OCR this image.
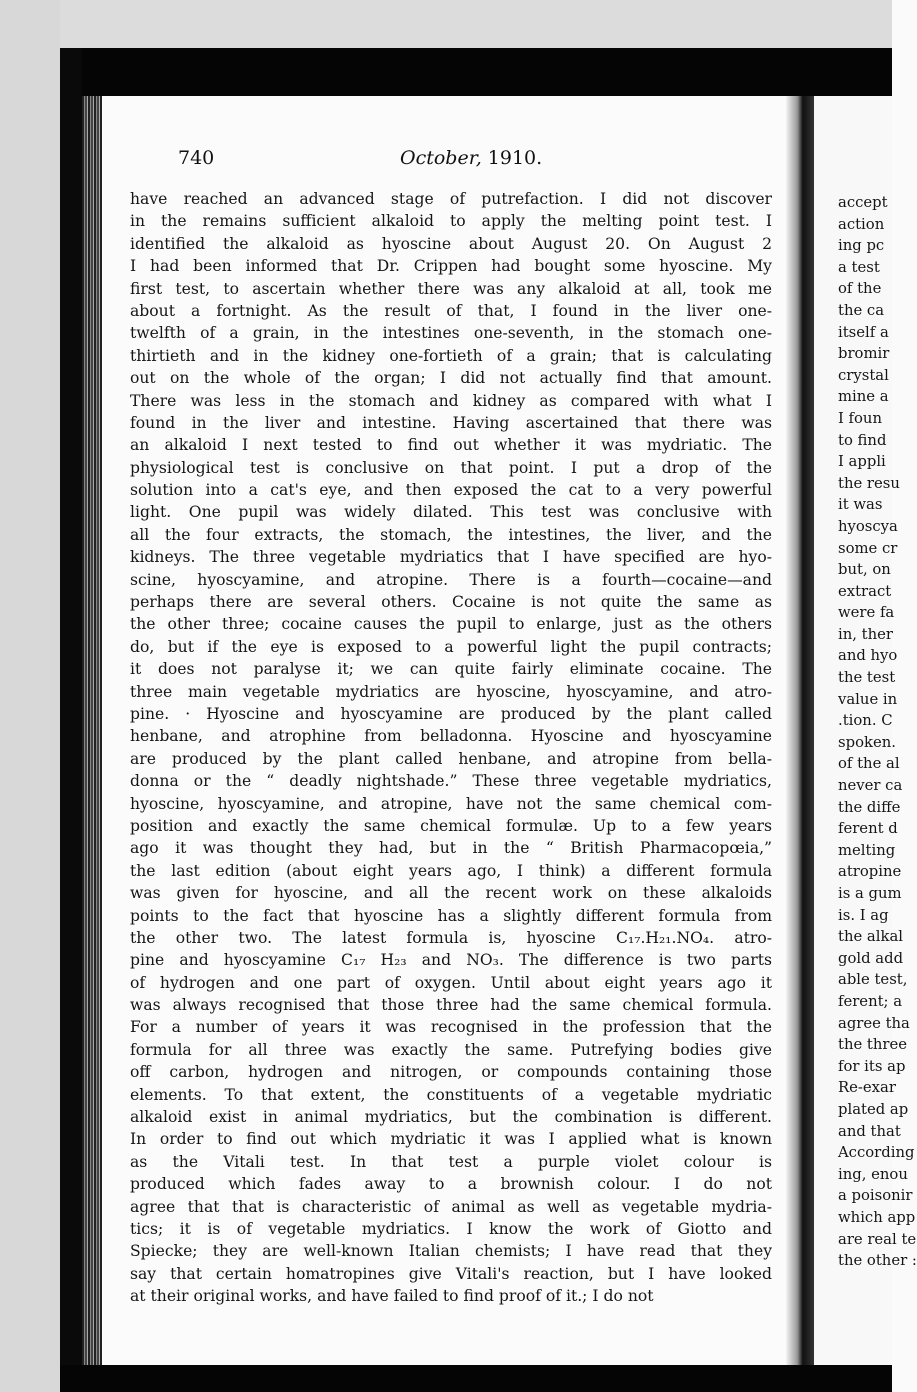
740	October, 1910.
have reached an advanced stage of putrefaction. I did not discover
in the remains sufficient alkaloid to apply the melting point test. I
identified the alkaloid as hyoscine about August 20. On August 2
I had been informed that Dr. Crippen had bought some hyoscine. My
first test, to ascertain whether there was any alkaloid at all, took me
about a fortnight. As the result of that, I found in the liver one-
twelfth of a grain, in the intestines one-seventh, in the stomach one-
thirtieth and in the kidney one-fortieth of a grain; that is calculating
out on the whole of the organ; I did not actually find that amount.
There was less in the stomach and kidney as compared with what I
found in the liver and intestine. Having ascertained that there was
an alkaloid I next tested to find out whether it was mydriatic. The
physiological test is conclusive on that point. I put a drop of the
solution into a cat's eye, and then exposed the cat to a very powerful
light. One pupil was widely dilated. This test was conclusive with
all the four extracts, the stomach, the intestines, the liver, and the
kidneys. The three vegetable mydriatics that I have specified are hyo-
scine, hyoscyamine, and atropine. There is a fourth—cocaine—and
perhaps there are several others. Cocaine is not quite the same as
the other three; cocaine causes the pupil to enlarge, just as the others
do, but if the eye is exposed to a powerful light the pupil contracts;
it does not paralyse it; we can quite fairly eliminate cocaine. The
three main vegetable mydriatics are hyoscine, hyoscyamine, and atro-
pine. · Hyoscine and hyoscyamine are produced by the plant called
henbane, and atrophine from belladonna. Hyoscine and hyoscyamine
are produced by the plant called henbane, and atropine from bella-
donna or the “ deadly nightshade.” These three vegetable mydriatics,
hyoscine, hyoscyamine, and atropine, have not the same chemical com-
position and exactly the same chemical formulæ. Up to a few years
ago it was thought they had, but in the “ British Pharmacopœia,”
the last edition (about eight years ago, I think) a different formula
was given for hyoscine, and all the recent work on these alkaloids
points to the fact that hyoscine has a slightly different formula from
the other two. The latest formula is, hyoscine C₁₇.H₂₁.NO₄. atro-
pine and hyoscyamine C₁₇ H₂₃ and NO₃. The difference is two parts
of hydrogen and one part of oxygen. Until about eight years ago it
was always recognised that those three had the same chemical formula.
For a number of years it was recognised in the profession that the
formula for all three was exactly the same. Putrefying bodies give
off carbon, hydrogen and nitrogen, or compounds containing those
elements. To that extent, the constituents of a vegetable mydriatic
alkaloid exist in animal mydriatics, but the combination is different.
In order to find out which mydriatic it was I applied what is known
as the Vitali test. In that test a purple violet colour is
produced which fades away to a brownish colour. I do not
agree that that is characteristic of animal as well as vegetable mydria-
tics; it is of vegetable mydriatics. I know the work of Giotto and
Spiecke; they are well-known Italian chemists; I have read that they
say that certain homatropines give Vitali's reaction, but I have looked
at their original works, and have failed to find proof of it.; I do not
accept
action
ing pc
a test
of the
the ca
itself a
bromir
crystal
mine a
I foun
to find
I appli
the resu
it was
hyoscya
some cr
but, on
extract
were fa
in, ther
and hyo
the test
value in
.tion. C
spoken.
of the al
never ca
the diffe
ferent d
melting
atropine
is a gum
is. I ag
the alkal
gold add
able test,
ferent; a
agree tha
the three
for its ap
Re-exar
plated ap
and that
According
ing, enou
a poisonir
which app
are real te
the other :
